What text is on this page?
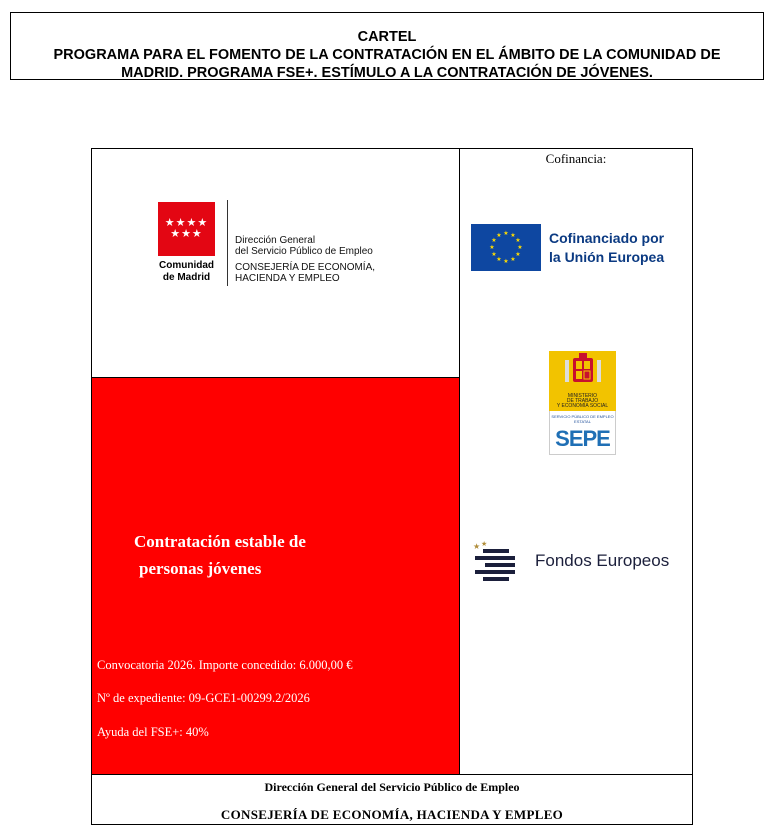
CARTEL
PROGRAMA PARA EL FOMENTO DE LA CONTRATACIÓN EN EL ÁMBITO DE LA COMUNIDAD DE
MADRID. PROGRAMA FSE+. ESTÍMULO A LA CONTRATACIÓN DE JÓVENES.
★★★★
★★★
Comunidad
de Madrid
Dirección General
del Servicio Público de Empleo
CONSEJERÍA DE ECONOMÍA,
HACIENDA Y EMPLEO
Contratación estable de
personas jóvenes
Convocatoria 2026. Importe concedido: 6.000,00 €
Nº de expediente: 09-GCE1-00299.2/2026
Ayuda del FSE+: 40%
Cofinancia:
★ ★
★
★
★
★
★
★
★
★
★
★	Cofinanciado por
la Unión Europea
MINISTERIO
DE TRABAJO
Y ECONOMÍA SOCIAL
SERVICIO PÚBLICO DE EMPLEO ESTATAL
SEPE
★ ★
Fondos Europeos
Dirección General del Servicio Público de Empleo
CONSEJERÍA DE ECONOMÍA, HACIENDA Y EMPLEO
